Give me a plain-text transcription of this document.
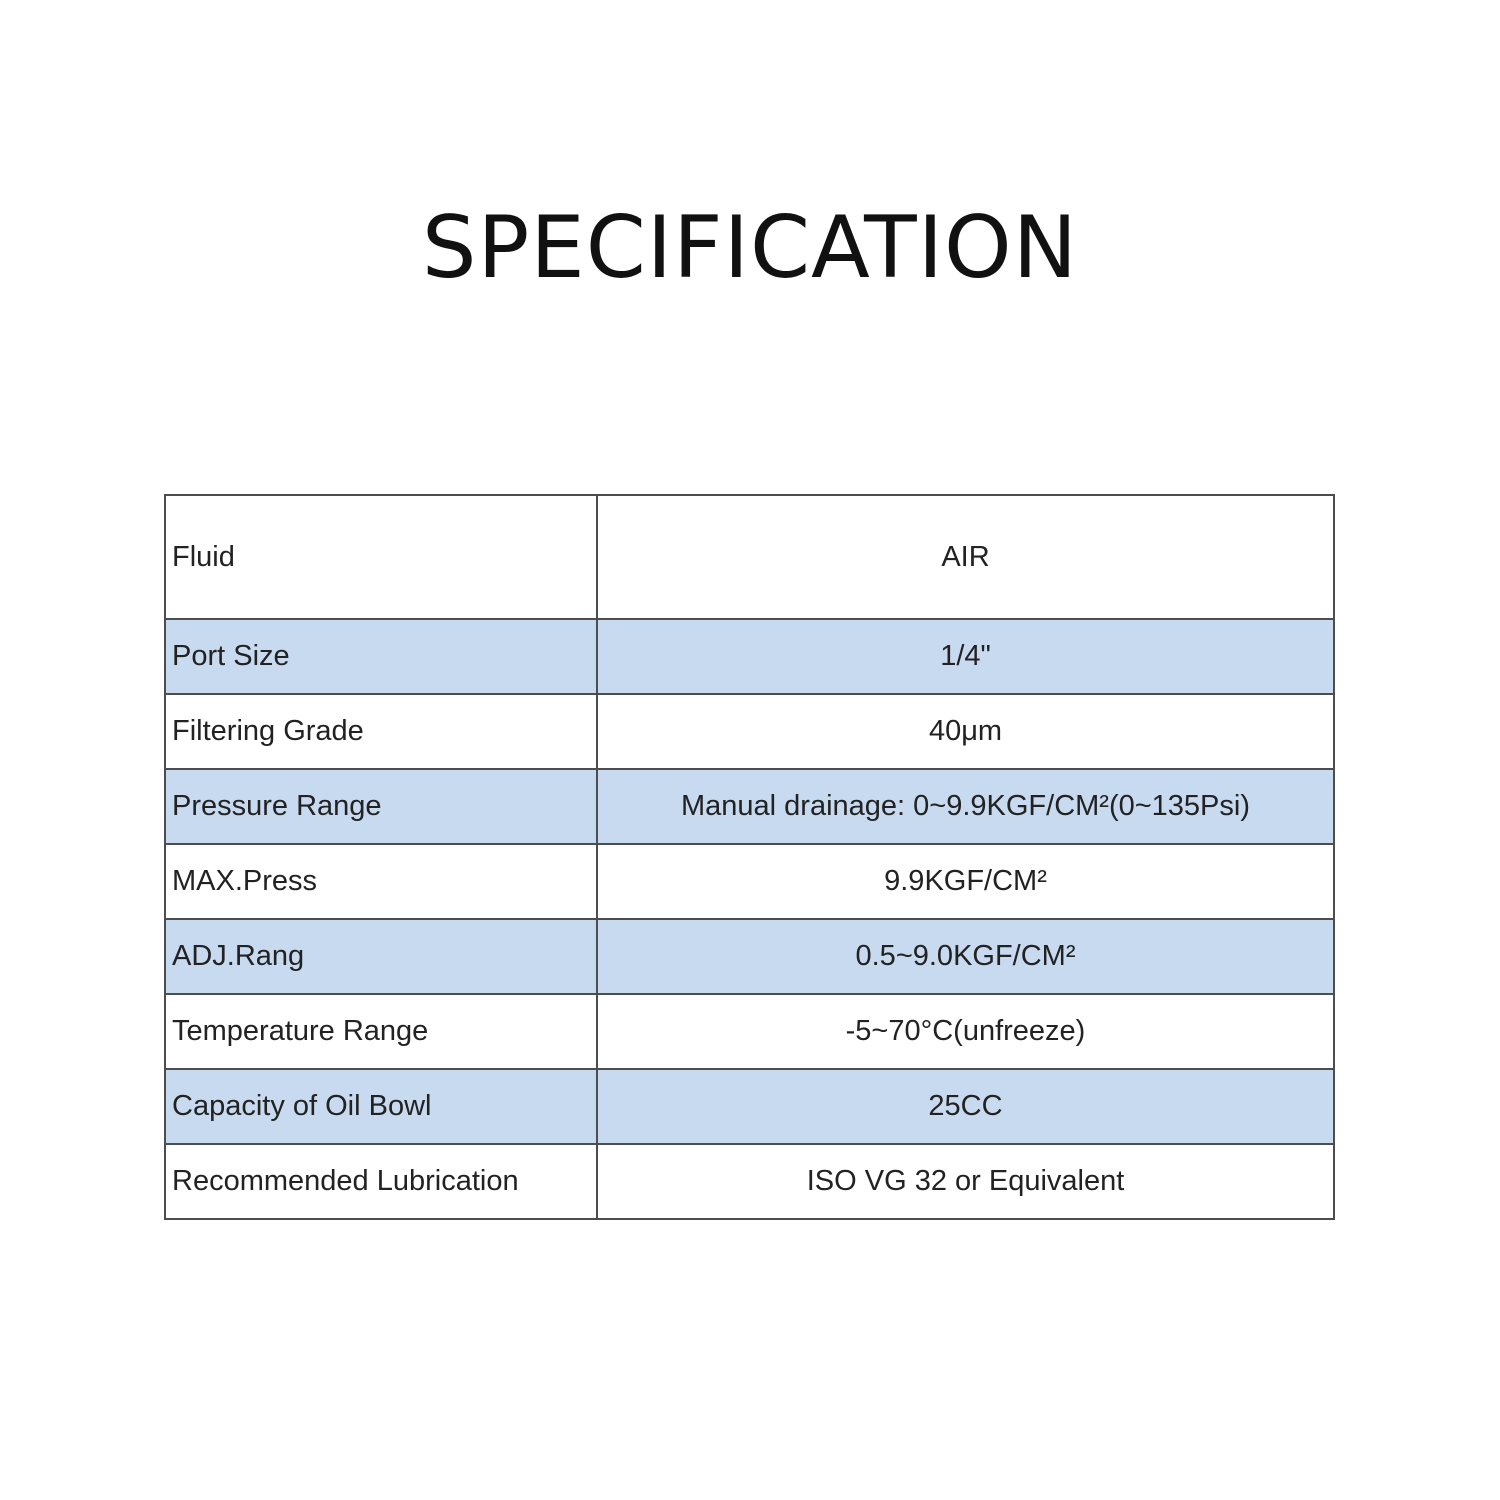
SPECIFICATION
Fluid	AIR
Port Size	1/4"
Filtering Grade	40μm
Pressure Range	Manual drainage: 0~9.9KGF/CM²(0~135Psi)
MAX.Press	9.9KGF/CM²
ADJ.Rang	0.5~9.0KGF/CM²
Temperature Range	-5~70°C(unfreeze)
Capacity of Oil Bowl	25CC
Recommended Lubrication	ISO VG 32 or Equivalent
